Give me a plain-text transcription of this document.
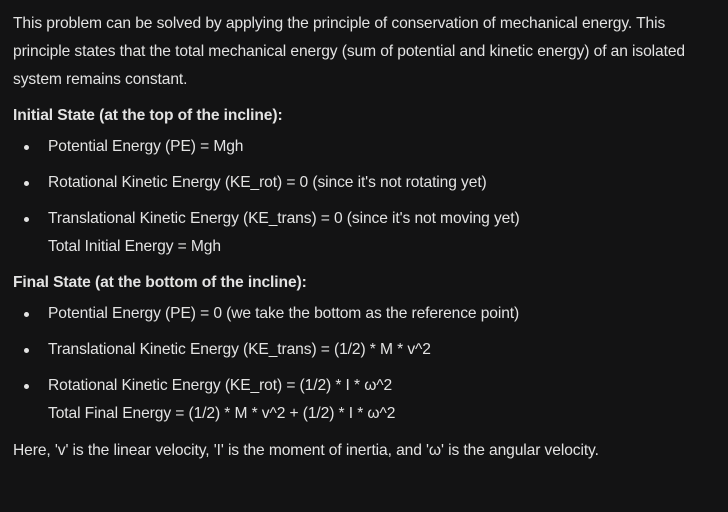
This problem can be solved by applying the principle of conservation of mechanical energy. This principle states that the total mechanical energy (sum of potential and kinetic energy) of an isolated system remains constant.

Initial State (at the top of the incline):

Potential Energy (PE) = Mgh
Rotational Kinetic Energy (KE_rot) = 0 (since it's not rotating yet)
Translational Kinetic Energy (KE_trans) = 0 (since it's not moving yet)
Total Initial Energy = Mgh

Final State (at the bottom of the incline):

Potential Energy (PE) = 0 (we take the bottom as the reference point)
Translational Kinetic Energy (KE_trans) = (1/2) * M * v^2
Rotational Kinetic Energy (KE_rot) = (1/2) * I * ω^2
Total Final Energy = (1/2) * M * v^2 + (1/2) * I * ω^2

Here, 'v' is the linear velocity, 'I' is the moment of inertia, and 'ω' is the angular velocity.
